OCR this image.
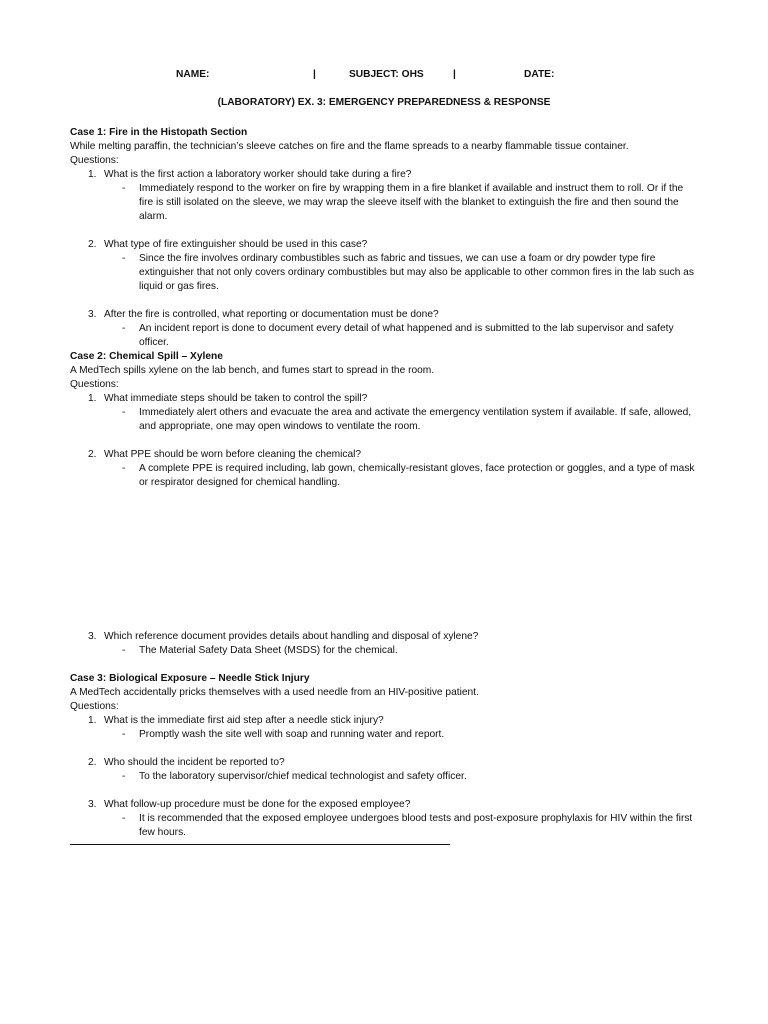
NAME:	|	SUBJECT: OHS	|	DATE:
(LABORATORY) EX. 3: EMERGENCY PREPAREDNESS & RESPONSE
Case 1: Fire in the Histopath Section
While melting paraffin, the technician’s sleeve catches on fire and the flame spreads to a nearby flammable tissue container.
Questions:
1. What is the first action a laboratory worker should take during a fire?
- Immediately respond to the worker on fire by wrapping them in a fire blanket if available and instruct them to roll. Or if the fire is still isolated on the sleeve, we may wrap the sleeve itself with the blanket to extinguish the fire and then sound the alarm.
2. What type of fire extinguisher should be used in this case?
- Since the fire involves ordinary combustibles such as fabric and tissues, we can use a foam or dry powder type fire extinguisher that not only covers ordinary combustibles but may also be applicable to other common fires in the lab such as liquid or gas fires.
3. After the fire is controlled, what reporting or documentation must be done?
- An incident report is done to document every detail of what happened and is submitted to the lab supervisor and safety officer.
Case 2: Chemical Spill – Xylene
A MedTech spills xylene on the lab bench, and fumes start to spread in the room.
Questions:
1. What immediate steps should be taken to control the spill?
- Immediately alert others and evacuate the area and activate the emergency ventilation system if available. If safe, allowed, and appropriate, one may open windows to ventilate the room.
2. What PPE should be worn before cleaning the chemical?
- A complete PPE is required including, lab gown, chemically-resistant gloves, face protection or goggles, and a type of mask or respirator designed for chemical handling.
3. Which reference document provides details about handling and disposal of xylene?
- The Material Safety Data Sheet (MSDS) for the chemical.
Case 3: Biological Exposure – Needle Stick Injury
A MedTech accidentally pricks themselves with a used needle from an HIV-positive patient.
Questions:
1. What is the immediate first aid step after a needle stick injury?
- Promptly wash the site well with soap and running water and report.
2. Who should the incident be reported to?
- To the laboratory supervisor/chief medical technologist and safety officer.
3. What follow-up procedure must be done for the exposed employee?
- It is recommended that the exposed employee undergoes blood tests and post-exposure prophylaxis for HIV within the first few hours.
